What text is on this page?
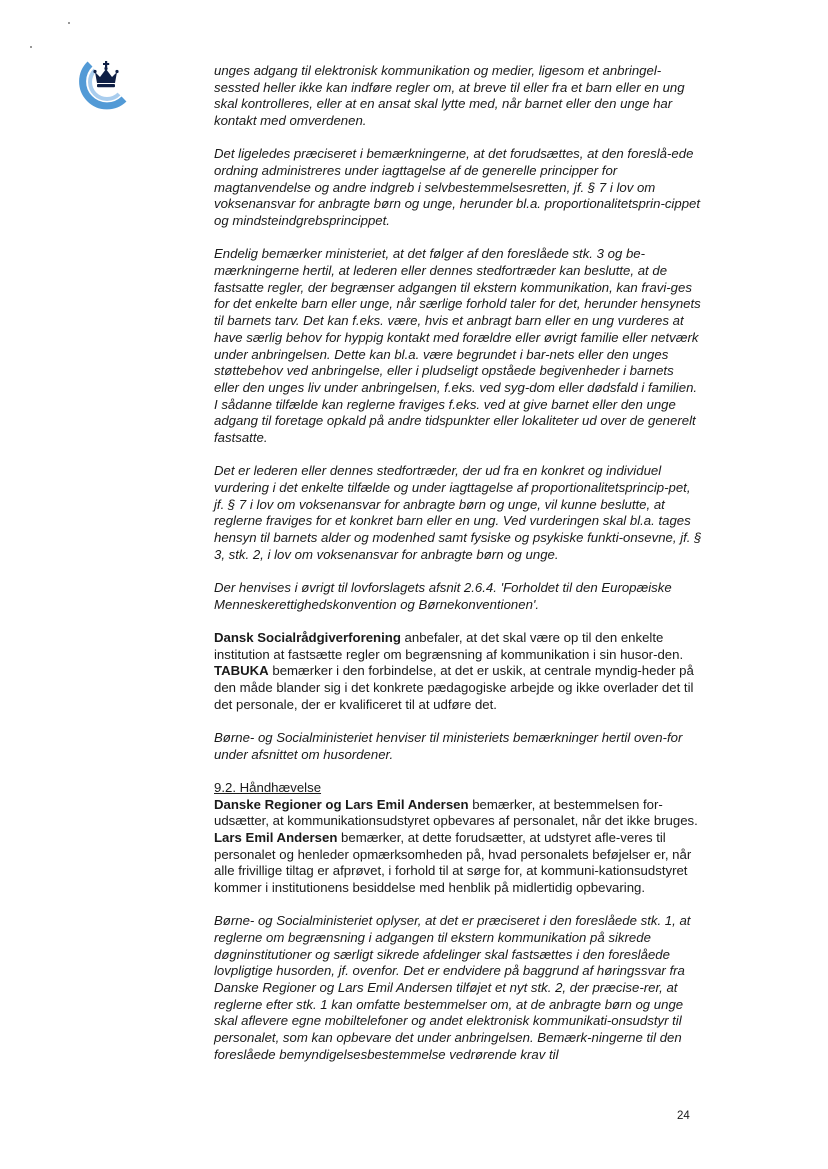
unges adgang til elektronisk kommunikation og medier, ligesom et anbringel-sessted heller ikke kan indføre regler om, at breve til eller fra et barn eller en ung skal kontrolleres, eller at en ansat skal lytte med, når barnet eller den unge har kontakt med omverdenen.

Det ligeledes præciseret i bemærkningerne, at det forudsættes, at den foreslå-ede ordning administreres under iagttagelse af de generelle principper for magtanvendelse og andre indgreb i selvbestemmelsesretten, jf. § 7 i lov om voksenansvar for anbragte børn og unge, herunder bl.a. proportionalitetsprin-cippet og mindsteindgrebsprincippet.

Endelig bemærker ministeriet, at det følger af den foreslåede stk. 3 og be-mærkningerne hertil, at lederen eller dennes stedfortræder kan beslutte, at de fastsatte regler, der begrænser adgangen til ekstern kommunikation, kan fravi-ges for det enkelte barn eller unge, når særlige forhold taler for det, herunder hensynets til barnets tarv. Det kan f.eks. være, hvis et anbragt barn eller en ung vurderes at have særlig behov for hyppig kontakt med forældre eller øvrigt familie eller netværk under anbringelsen. Dette kan bl.a. være begrundet i bar-nets eller den unges støttebehov ved anbringelse, eller i pludseligt opståede begivenheder i barnets eller den unges liv under anbringelsen, f.eks. ved syg-dom eller dødsfald i familien. I sådanne tilfælde kan reglerne fraviges f.eks. ved at give barnet eller den unge adgang til foretage opkald på andre tidspunkter eller lokaliteter ud over de generelt fastsatte.

Det er lederen eller dennes stedfortræder, der ud fra en konkret og individuel vurdering i det enkelte tilfælde og under iagttagelse af proportionalitetsprincip-pet, jf. § 7 i lov om voksenansvar for anbragte børn og unge, vil kunne beslutte, at reglerne fraviges for et konkret barn eller en ung. Ved vurderingen skal bl.a. tages hensyn til barnets alder og modenhed samt fysiske og psykiske funkti-onsevne, jf. § 3, stk. 2, i lov om voksenansvar for anbragte børn og unge.

Der henvises i øvrigt til lovforslagets afsnit 2.6.4. 'Forholdet til den Europæiske Menneskerettighedskonvention og Børnekonventionen'.

Dansk Socialrådgiverforening anbefaler, at det skal være op til den enkelte institution at fastsætte regler om begrænsning af kommunikation i sin husor-den. TABUKA bemærker i den forbindelse, at det er uskik, at centrale myndig-heder på den måde blander sig i det konkrete pædagogiske arbejde og ikke overlader det til det personale, der er kvalificeret til at udføre det.

Børne- og Socialministeriet henviser til ministeriets bemærkninger hertil oven-for under afsnittet om husordener.

9.2. Håndhævelse

Danske Regioner og Lars Emil Andersen bemærker, at bestemmelsen for-udsætter, at kommunikationsudstyret opbevares af personalet, når det ikke bruges. Lars Emil Andersen bemærker, at dette forudsætter, at udstyret afle-veres til personalet og henleder opmærksomheden på, hvad personalets beføjelser er, når alle frivillige tiltag er afprøvet, i forhold til at sørge for, at kommuni-kationsudstyret kommer i institutionens besiddelse med henblik på midlertidig opbevaring.

Børne- og Socialministeriet oplyser, at det er præciseret i den foreslåede stk. 1, at reglerne om begrænsning i adgangen til ekstern kommunikation på sikrede døgninstitutioner og særligt sikrede afdelinger skal fastsættes i den foreslåede lovpligtige husorden, jf. ovenfor. Det er endvidere på baggrund af høringssvar fra Danske Regioner og Lars Emil Andersen tilføjet et nyt stk. 2, der præcise-rer, at reglerne efter stk. 1 kan omfatte bestemmelser om, at de anbragte børn og unge skal aflevere egne mobiltelefoner og andet elektronisk kommunikati-onsudstyr til personalet, som kan opbevare det under anbringelsen. Bemærk-ningerne til den foreslåede bemyndigelsesbestemmelse vedrørende krav til

24
